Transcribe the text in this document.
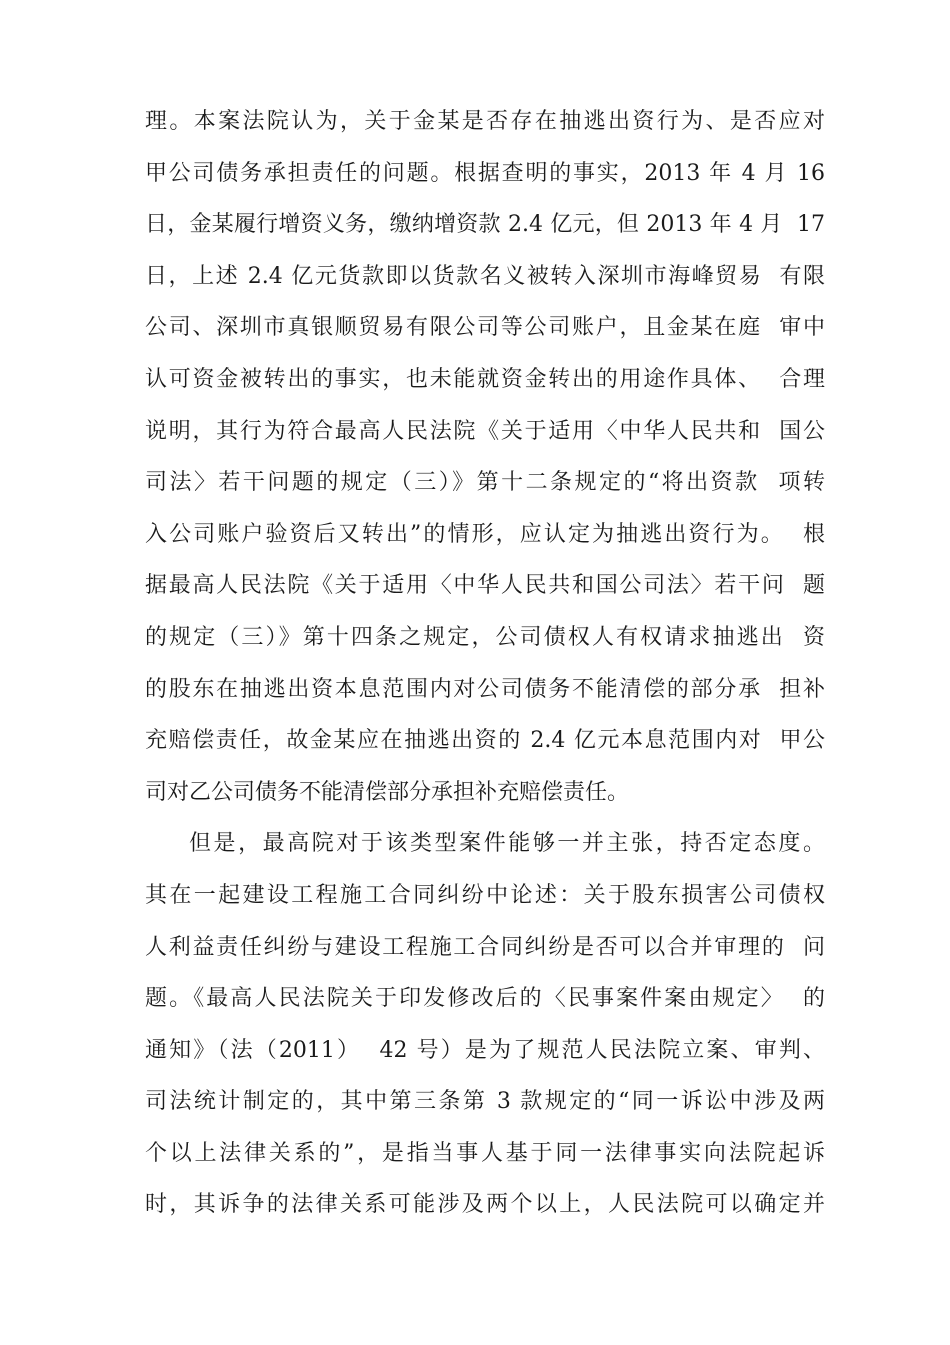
理。本案法院认为，关于金某是否存在抽逃出资行为、是否应对
甲公司债务承担责任的问题。根据查明的事实，2013 年 4 月 16
日，金某履行增资义务，缴纳增资款 2.4 亿元，但 2013 年 4 月  17
日，上述 2.4 亿元货款即以货款名义被转入深圳市海峰贸易  有限
公司、深圳市真银顺贸易有限公司等公司账户，且金某在庭  审中
认可资金被转出的事实，也未能就资金转出的用途作具体、  合理
说明，其行为符合最高人民法院《关于适用〈中华人民共和  国公
司法〉若干问题的规定（三）》第十二条规定的“将出资款  项转
入公司账户验资后又转出”的情形，应认定为抽逃出资行为。  根
据最高人民法院《关于适用〈中华人民共和国公司法〉若干问  题
的规定（三）》第十四条之规定，公司债权人有权请求抽逃出  资
的股东在抽逃出资本息范围内对公司债务不能清偿的部分承  担补
充赔偿责任，故金某应在抽逃出资的 2.4 亿元本息范围内对  甲公
司对乙公司债务不能清偿部分承担补充赔偿责任。
但是，最高院对于该类型案件能够一并主张，持否定态度。
其在一起建设工程施工合同纠纷中论述：关于股东损害公司债权
人利益责任纠纷与建设工程施工合同纠纷是否可以合并审理的  问
题。《最高人民法院关于印发修改后的〈民事案件案由规定〉  的
通知》（法（2011）  42 号）是为了规范人民法院立案、审判、
司法统计制定的，其中第三条第 3 款规定的“同一诉讼中涉及两
个以上法律关系的”，是指当事人基于同一法律事实向法院起诉
时，其诉争的法律关系可能涉及两个以上，人民法院可以确定并
